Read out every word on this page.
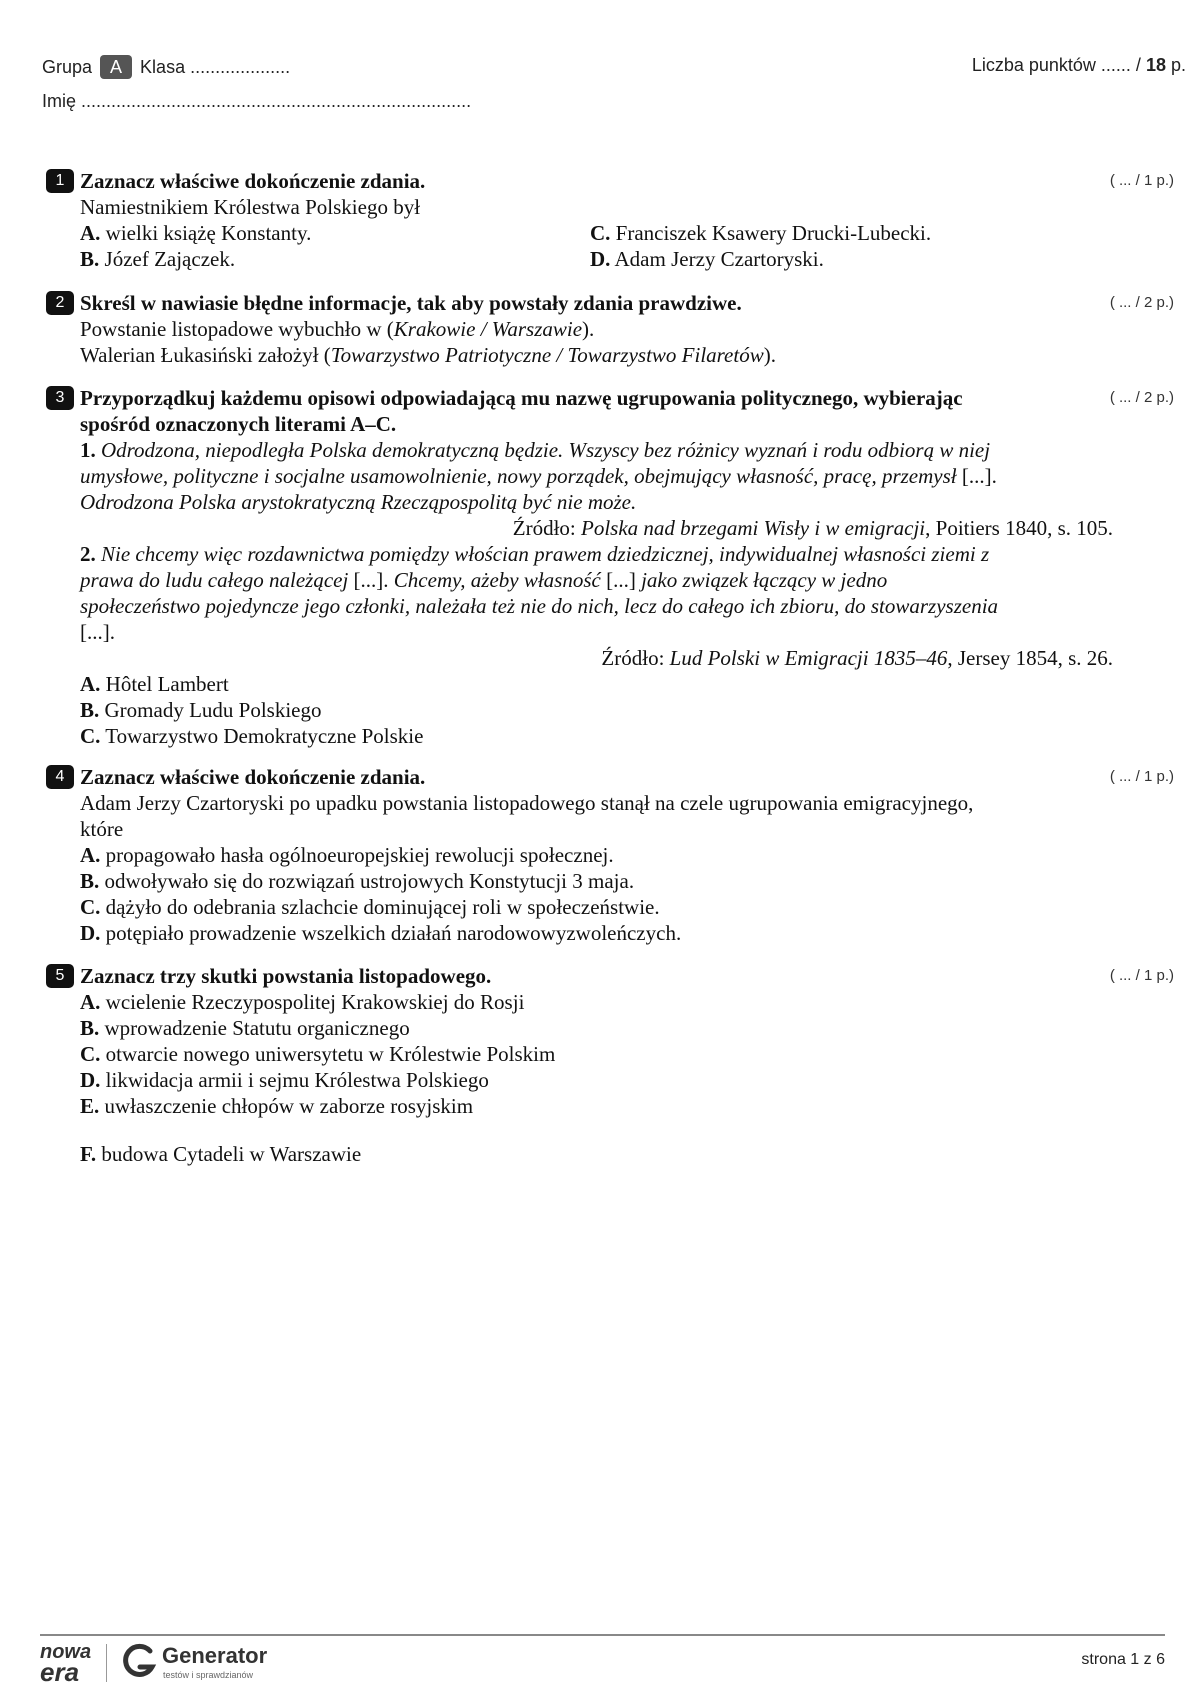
Grupa A Klasa ....................	Liczba punktów ...... / 18 p.
Imię ..............................................................................
1 Zaznacz właściwe dokończenie zdania.	( ... / 1 p.)
Namiestnikiem Królestwa Polskiego był
A. wielki książę Konstanty.	C. Franciszek Ksawery Drucki-Lubecki.
B. Józef Zajączek.	D. Adam Jerzy Czartoryski.
2 Skreśl w nawiasie błędne informacje, tak aby powstały zdania prawdziwe.	( ... / 2 p.)
Powstanie listopadowe wybuchło w (Krakowie / Warszawie).
Walerian Łukasiński założył (Towarzystwo Patriotyczne / Towarzystwo Filaretów).
3 Przyporządkuj każdemu opisowi odpowiadającą mu nazwę ugrupowania politycznego, wybierając
spośród oznaczonych literami A–C.
( ... / 2 p.)
1. Odrodzona, niepodległa Polska demokratyczną będzie. Wszyscy bez różnicy wyznań i rodu odbiorą w niej
umysłowe, polityczne i socjalne usamowolnienie, nowy porządek, obejmujący własność, pracę, przemysł [...].
Odrodzona Polska arystokratyczną Rzecząpospolitą być nie może.
Źródło: Polska nad brzegami Wisły i w emigracji, Poitiers 1840, s. 105.
2. Nie chcemy więc rozdawnictwa pomiędzy włościan prawem dziedzicznej, indywidualnej własności ziemi z
prawa do ludu całego należącej [...]. Chcemy, ażeby własność [...] jako związek łączący w jedno
społeczeństwo pojedyncze jego członki, należała też nie do nich, lecz do całego ich zbioru, do stowarzyszenia
[...].
Źródło: Lud Polski w Emigracji 1835–46, Jersey 1854, s. 26.
A. Hôtel Lambert
B. Gromady Ludu Polskiego
C. Towarzystwo Demokratyczne Polskie
4 Zaznacz właściwe dokończenie zdania.	( ... / 1 p.)
Adam Jerzy Czartoryski po upadku powstania listopadowego stanął na czele ugrupowania emigracyjnego,
które
A. propagowało hasła ogólnoeuropejskiej rewolucji społecznej.
B. odwoływało się do rozwiązań ustrojowych Konstytucji 3 maja.
C. dążyło do odebrania szlachcie dominującej roli w społeczeństwie.
D. potępiało prowadzenie wszelkich działań narodowowyzwoleńczych.
5 Zaznacz trzy skutki powstania listopadowego.	( ... / 1 p.)
A. wcielenie Rzeczypospolitej Krakowskiej do Rosji
B. wprowadzenie Statutu organicznego
C. otwarcie nowego uniwersytetu w Królestwie Polskim
D. likwidacja armii i sejmu Królestwa Polskiego
E. uwłaszczenie chłopów w zaborze rosyjskim
F. budowa Cytadeli w Warszawie
nowa
era
Generator
testów i sprawdzianów
strona 1 z 6
